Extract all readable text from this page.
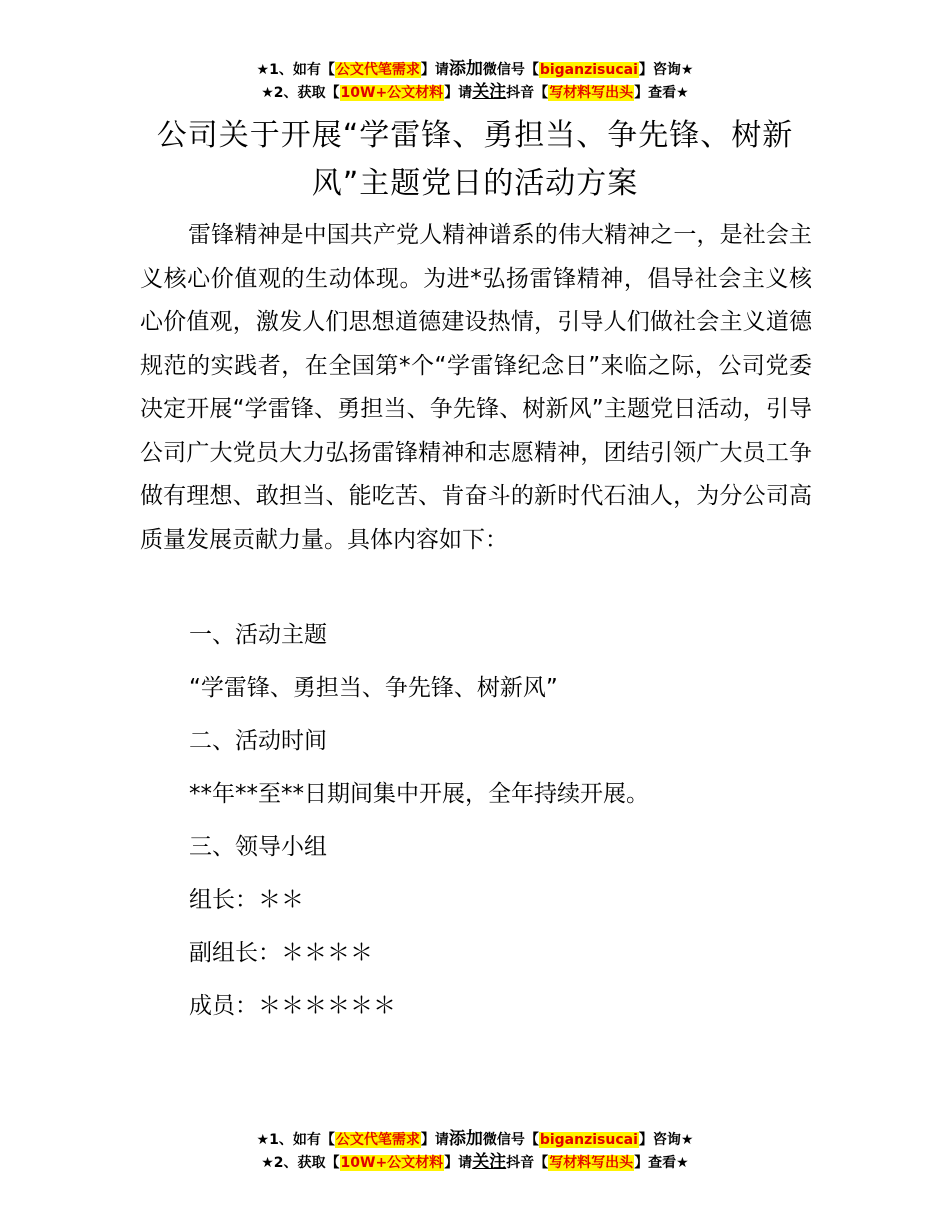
★1、如有【公文代笔需求】请添加微信号【biganzisucai】咨询★
★2、获取【10W+公文材料】请关注抖音【写材料写出头】查看★
公司关于开展“学雷锋、勇担当、争先锋、树新风”主题党日的活动方案
雷锋精神是中国共产党人精神谱系的伟大精神之一，是社会主义核心价值观的生动体现。为进*弘扬雷锋精神，倡导社会主义核心价值观，激发人们思想道德建设热情，引导人们做社会主义道德规范的实践者，在全国第*个“学雷锋纪念日”来临之际，公司党委决定开展“学雷锋、勇担当、争先锋、树新风”主题党日活动，引导公司广大党员大力弘扬雷锋精神和志愿精神，团结引领广大员工争做有理想、敢担当、能吃苦、肯奋斗的新时代石油人，为分公司高质量发展贡献力量。具体内容如下：
一、活动主题
“学雷锋、勇担当、争先锋、树新风”
二、活动时间
**年**至**日期间集中开展，全年持续开展。
三、领导小组
组长：＊＊
副组长：＊＊＊＊
成员：＊＊＊＊＊＊
★1、如有【公文代笔需求】请添加微信号【biganzisucai】咨询★
★2、获取【10W+公文材料】请关注抖音【写材料写出头】查看★
